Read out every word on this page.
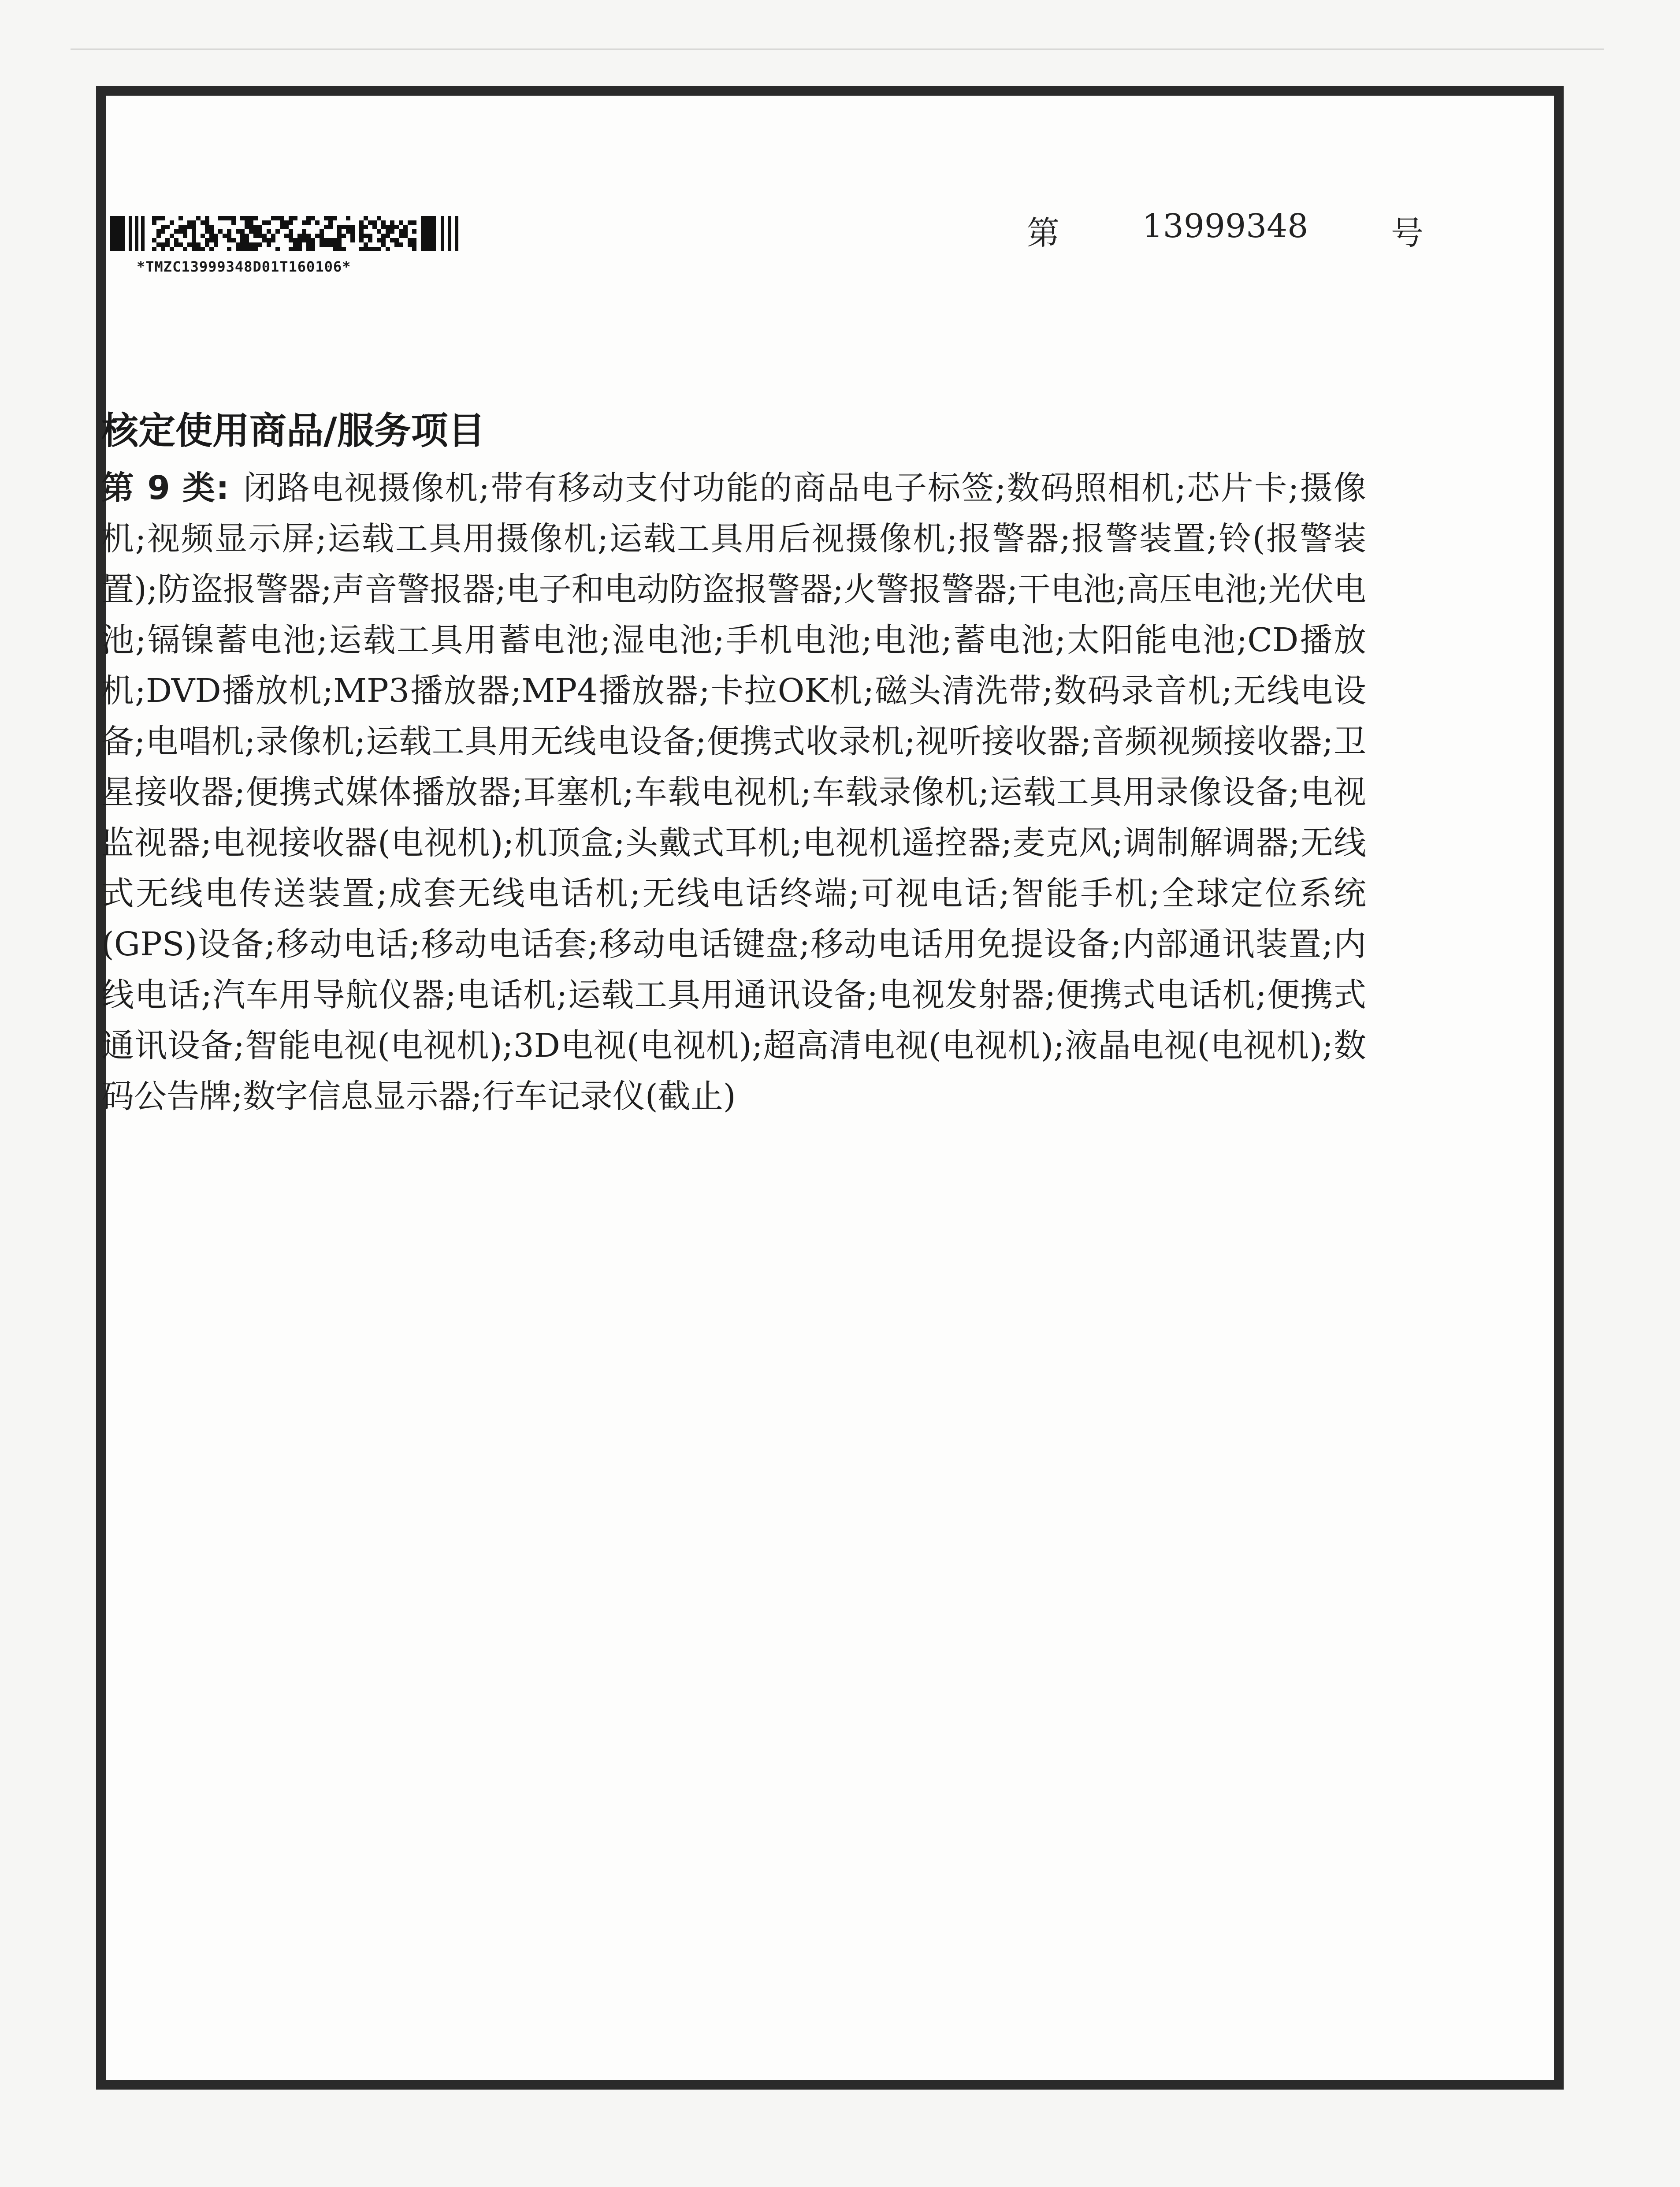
*TMZC13999348D01T160106*
第	13999348	号
核定使用商品/服务项目
第 9 类: 闭路电视摄像机;带有移动支付功能的商品电子标签;数码照相机;芯片卡;摄像机;视频显示屏;运载工具用摄像机;运载工具用后视摄像机;报警器;报警装置;铃(报警装置);防盗报警器;声音警报器;电子和电动防盗报警器;火警报警器;干电池;高压电池;光伏电池;镉镍蓄电池;运载工具用蓄电池;湿电池;手机电池;电池;蓄电池;太阳能电池;CD播放机;DVD播放机;MP3播放器;MP4播放器;卡拉OK机;磁头清洗带;数码录音机;无线电设备;电唱机;录像机;运载工具用无线电设备;便携式收录机;视听接收器;音频视频接收器;卫星接收器;便携式媒体播放器;耳塞机;车载电视机;车载录像机;运载工具用录像设备;电视监视器;电视接收器(电视机);机顶盒;头戴式耳机;电视机遥控器;麦克风;调制解调器;无线式无线电传送装置;成套无线电话机;无线电话终端;可视电话;智能手机;全球定位系统(GPS)设备;移动电话;移动电话套;移动电话键盘;移动电话用免提设备;内部通讯装置;内线电话;汽车用导航仪器;电话机;运载工具用通讯设备;电视发射器;便携式电话机;便携式通讯设备;智能电视(电视机);3D电视(电视机);超高清电视(电视机);液晶电视(电视机);数码公告牌;数字信息显示器;行车记录仪(截止)
